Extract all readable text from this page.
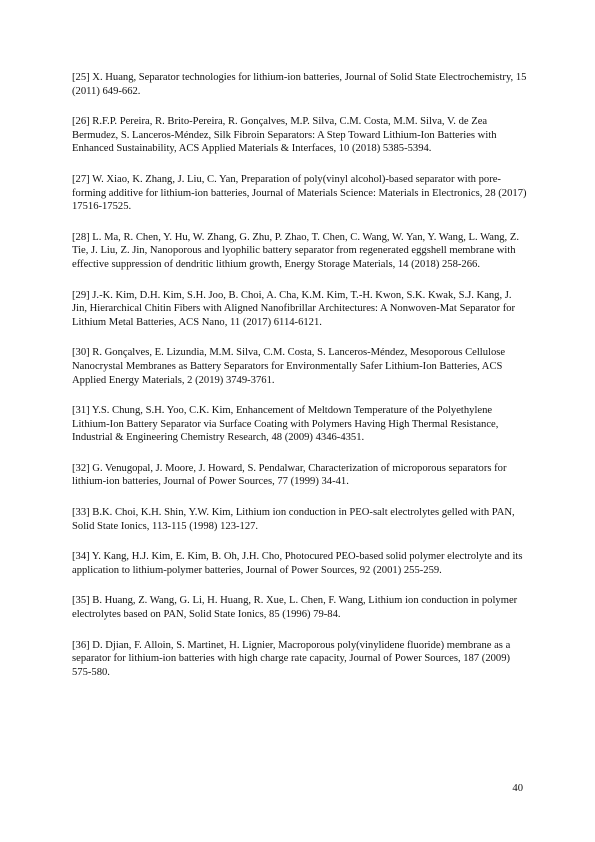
[25] X. Huang, Separator technologies for lithium-ion batteries, Journal of Solid State Electrochemistry, 15 (2011) 649-662.
[26] R.F.P. Pereira, R. Brito-Pereira, R. Gonçalves, M.P. Silva, C.M. Costa, M.M. Silva, V. de Zea Bermudez, S. Lanceros-Méndez, Silk Fibroin Separators: A Step Toward Lithium-Ion Batteries with Enhanced Sustainability, ACS Applied Materials & Interfaces, 10 (2018) 5385-5394.
[27] W. Xiao, K. Zhang, J. Liu, C. Yan, Preparation of poly(vinyl alcohol)-based separator with pore-forming additive for lithium-ion batteries, Journal of Materials Science: Materials in Electronics, 28 (2017) 17516-17525.
[28] L. Ma, R. Chen, Y. Hu, W. Zhang, G. Zhu, P. Zhao, T. Chen, C. Wang, W. Yan, Y. Wang, L. Wang, Z. Tie, J. Liu, Z. Jin, Nanoporous and lyophilic battery separator from regenerated eggshell membrane with effective suppression of dendritic lithium growth, Energy Storage Materials, 14 (2018) 258-266.
[29] J.-K. Kim, D.H. Kim, S.H. Joo, B. Choi, A. Cha, K.M. Kim, T.-H. Kwon, S.K. Kwak, S.J. Kang, J. Jin, Hierarchical Chitin Fibers with Aligned Nanofibrillar Architectures: A Nonwoven-Mat Separator for Lithium Metal Batteries, ACS Nano, 11 (2017) 6114-6121.
[30] R. Gonçalves, E. Lizundia, M.M. Silva, C.M. Costa, S. Lanceros-Méndez, Mesoporous Cellulose Nanocrystal Membranes as Battery Separators for Environmentally Safer Lithium-Ion Batteries, ACS Applied Energy Materials, 2 (2019) 3749-3761.
[31] Y.S. Chung, S.H. Yoo, C.K. Kim, Enhancement of Meltdown Temperature of the Polyethylene Lithium-Ion Battery Separator via Surface Coating with Polymers Having High Thermal Resistance, Industrial & Engineering Chemistry Research, 48 (2009) 4346-4351.
[32] G. Venugopal, J. Moore, J. Howard, S. Pendalwar, Characterization of microporous separators for lithium-ion batteries, Journal of Power Sources, 77 (1999) 34-41.
[33] B.K. Choi, K.H. Shin, Y.W. Kim, Lithium ion conduction in PEO-salt electrolytes gelled with PAN, Solid State Ionics, 113-115 (1998) 123-127.
[34] Y. Kang, H.J. Kim, E. Kim, B. Oh, J.H. Cho, Photocured PEO-based solid polymer electrolyte and its application to lithium-polymer batteries, Journal of Power Sources, 92 (2001) 255-259.
[35] B. Huang, Z. Wang, G. Li, H. Huang, R. Xue, L. Chen, F. Wang, Lithium ion conduction in polymer electrolytes based on PAN, Solid State Ionics, 85 (1996) 79-84.
[36] D. Djian, F. Alloin, S. Martinet, H. Lignier, Macroporous poly(vinylidene fluoride) membrane as a separator for lithium-ion batteries with high charge rate capacity, Journal of Power Sources, 187 (2009) 575-580.
40
